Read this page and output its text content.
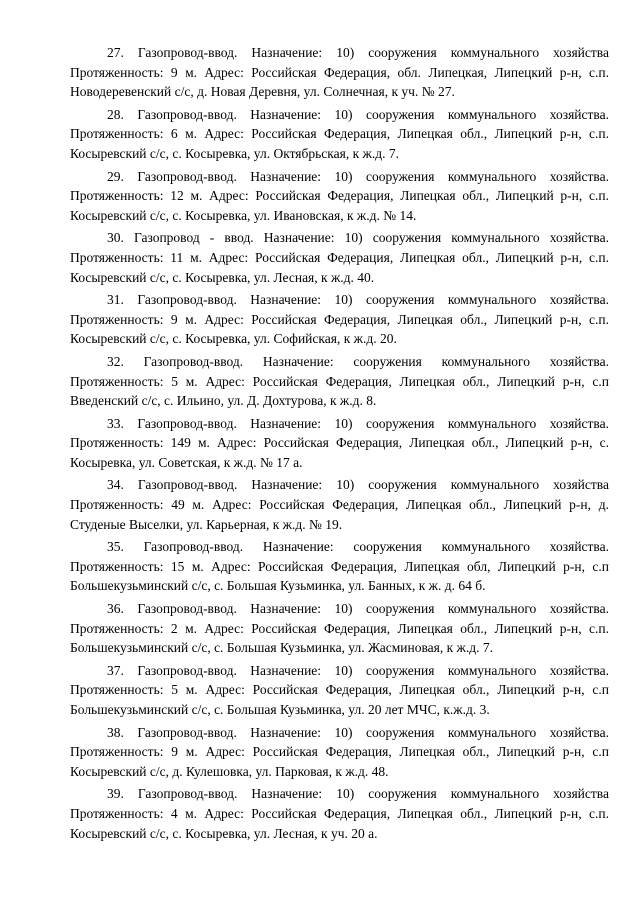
27. Газопровод-ввод. Назначение: 10) сооружения коммунального хозяйства Протяженность: 9 м. Адрес: Российская Федерация, обл. Липецкая, Липецкий р-н, с.п. Новодеревенский с/с, д. Новая Деревня, ул. Солнечная, к уч. № 27.

28. Газопровод-ввод. Назначение: 10) сооружения коммунального хозяйства. Протяженность: 6 м. Адрес: Российская Федерация, Липецкая обл., Липецкий р-н, с.п. Косыревский с/с, с. Косыревка, ул. Октябрьская, к ж.д. 7.

29. Газопровод-ввод. Назначение: 10) сооружения коммунального хозяйства. Протяженность: 12 м. Адрес: Российская Федерация, Липецкая обл., Липецкий р-н, с.п. Косыревский с/с, с. Косыревка, ул. Ивановская, к ж.д. № 14.

30. Газопровод - ввод. Назначение: 10) сооружения коммунального хозяйства. Протяженность: 11 м. Адрес: Российская Федерация, Липецкая обл., Липецкий р-н, с.п. Косыревский с/с, с. Косыревка, ул. Лесная, к ж.д. 40.

31. Газопровод-ввод. Назначение: 10) сооружения коммунального хозяйства. Протяженность: 9 м. Адрес: Российская Федерация, Липецкая обл., Липецкий р-н, с.п. Косыревский с/с, с. Косыревка, ул. Софийская, к ж.д. 20.

32. Газопровод-ввод. Назначение: сооружения коммунального хозяйства. Протяженность: 5 м. Адрес: Российская Федерация, Липецкая обл., Липецкий р-н, с.п Введенский с/с, с. Ильино, ул. Д. Дохтурова, к ж.д. 8.

33. Газопровод-ввод. Назначение: 10) сооружения коммунального хозяйства. Протяженность: 149 м. Адрес: Российская Федерация, Липецкая обл., Липецкий р-н, с. Косыревка, ул. Советская, к ж.д. № 17 а.

34. Газопровод-ввод. Назначение: 10) сооружения коммунального хозяйства Протяженность: 49 м. Адрес: Российская Федерация, Липецкая обл., Липецкий р-н, д. Студеные Выселки, ул. Карьерная, к ж.д. № 19.

35. Газопровод-ввод. Назначение: сооружения коммунального хозяйства. Протяженность: 15 м. Адрес: Российская Федерация, Липецкая обл, Липецкий р-н, с.п Большекузьминский с/с, с. Большая Кузьминка, ул. Банных, к ж. д. 64 б.

36. Газопровод-ввод. Назначение: 10) сооружения коммунального хозяйства. Протяженность: 2 м. Адрес: Российская Федерация, Липецкая обл., Липецкий р-н, с.п. Большекузьминский с/с, с. Большая Кузьминка, ул. Жасминовая, к ж.д. 7.

37. Газопровод-ввод. Назначение: 10) сооружения коммунального хозяйства. Протяженность: 5 м. Адрес: Российская Федерация, Липецкая обл., Липецкий р-н, с.п Большекузьминский с/с, с. Большая Кузьминка, ул. 20 лет МЧС, к.ж.д. 3.

38. Газопровод-ввод. Назначение: 10) сооружения коммунального хозяйства. Протяженность: 9 м. Адрес: Российская Федерация, Липецкая обл., Липецкий р-н, с.п Косыревский с/с, д. Кулешовка, ул. Парковая, к ж.д. 48.

39. Газопровод-ввод. Назначение: 10) сооружения коммунального хозяйства Протяженность: 4 м. Адрес: Российская Федерация, Липецкая обл., Липецкий р-н, с.п. Косыревский с/с, с. Косыревка, ул. Лесная, к уч. 20 а.
